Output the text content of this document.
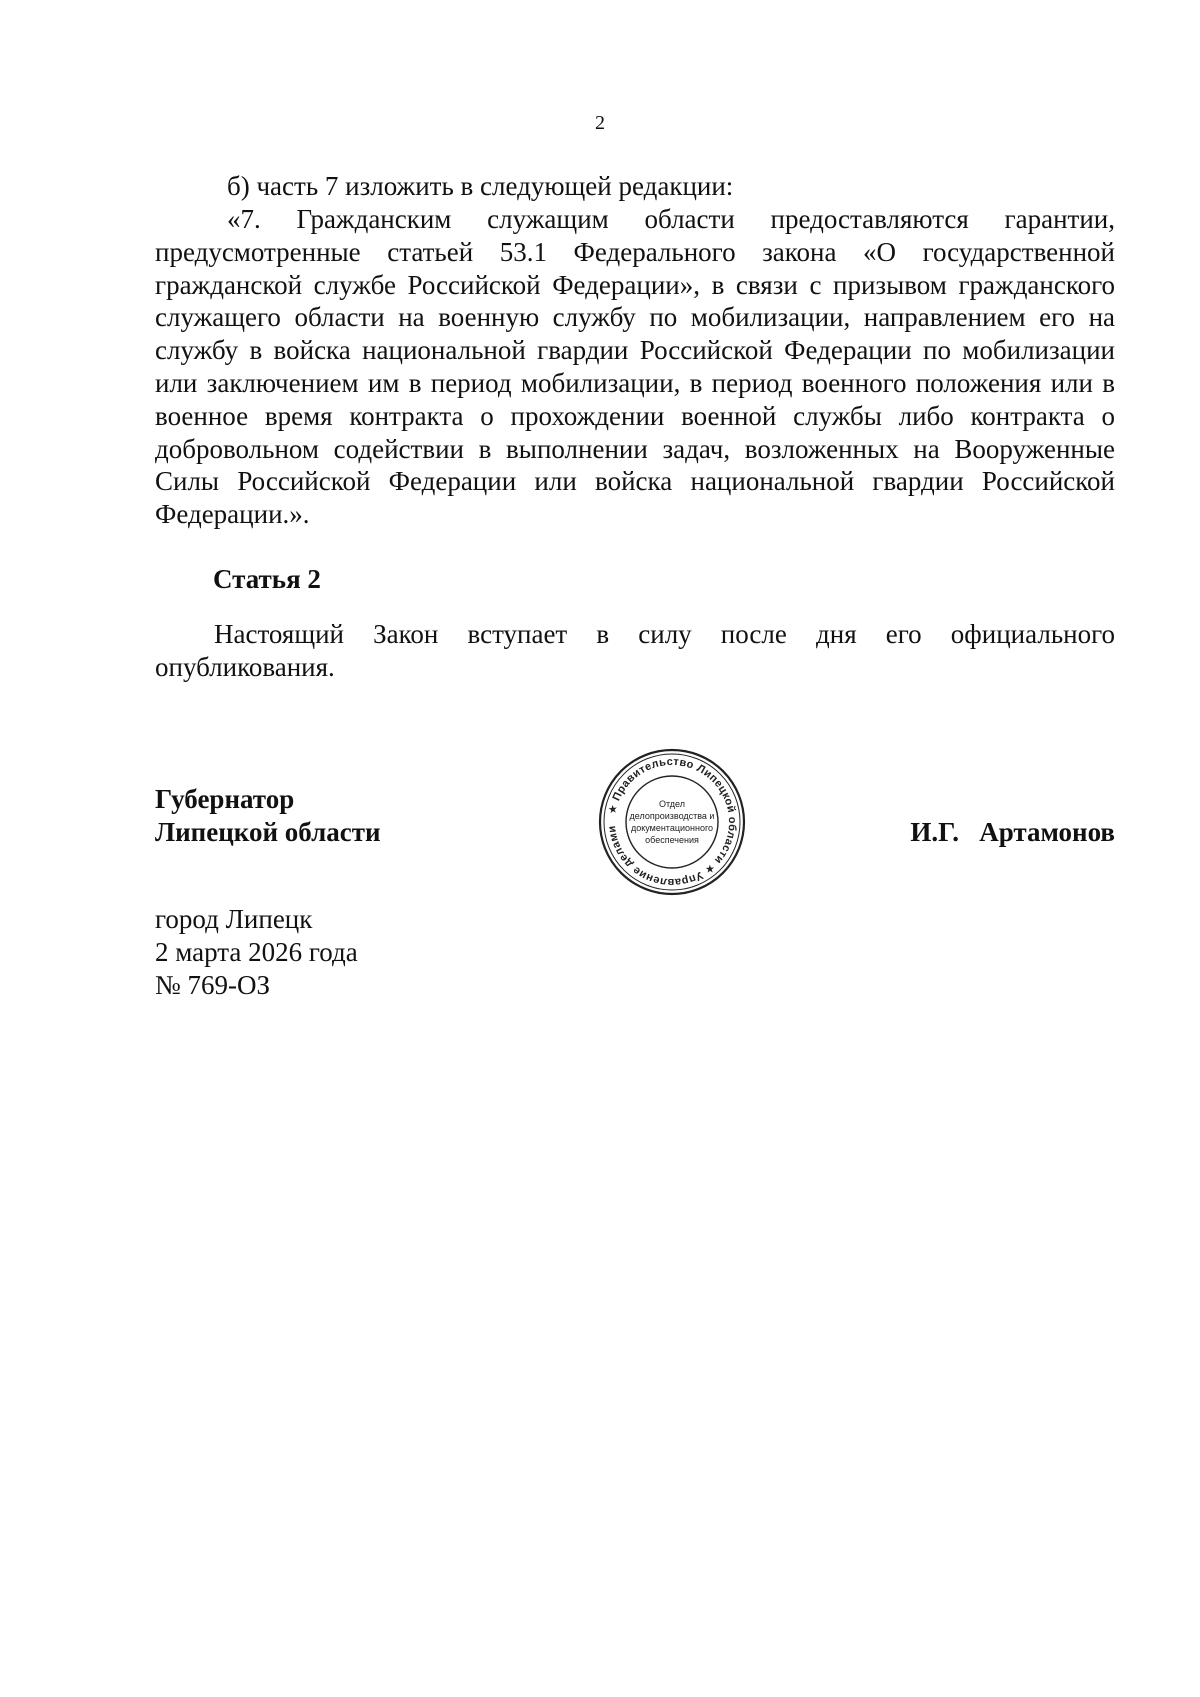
2
б) часть 7 изложить в следующей редакции:
«7. Гражданским служащим области предоставляются гарантии, предусмотренные статьей 53.1 Федерального закона «О государственной гражданской службе Российской Федерации», в связи с призывом гражданского служащего области на военную службу по мобилизации, направлением его на службу в войска национальной гвардии Российской Федерации по мобилизации или заключением им в период мобилизации, в период военного положения или в военное время контракта о прохождении военной службы либо контракта о добровольном содействии в выполнении задач, возложенных на Вооруженные Силы Российской Федерации или войска национальной гвардии Российской Федерации.».
Статья 2
Настоящий Закон вступает в силу после дня его официального опубликования.
Губернатор
Липецкой области
★ Правительство Липецкой области ★ Управление делами
Отдел
делопроизводства и
документационного
обеспечения	И.Г.   Артамонов
город Липецк
2 марта 2026 года
№ 769-ОЗ
